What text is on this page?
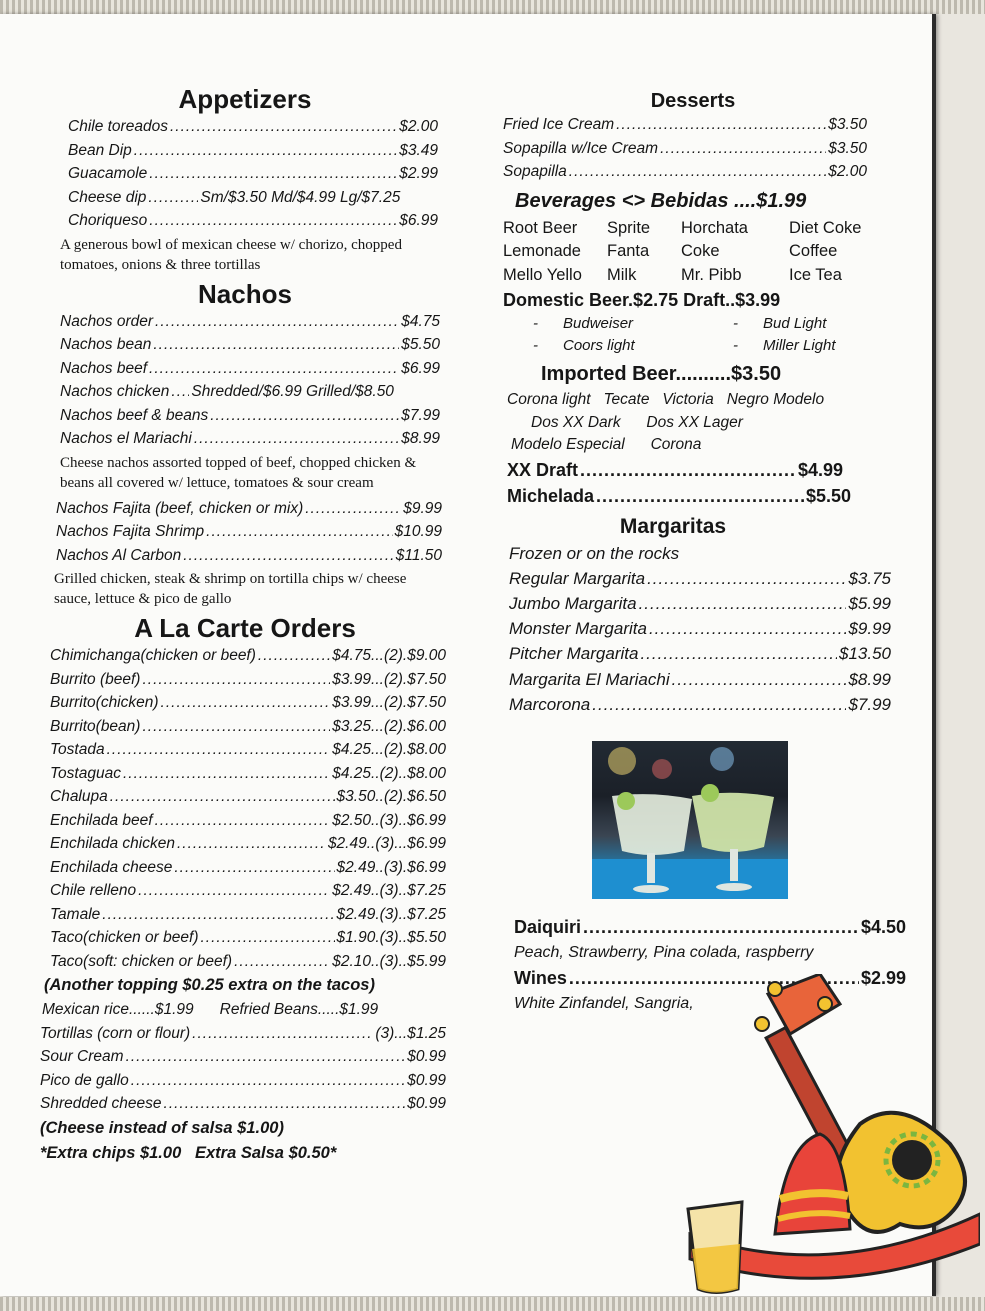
Appetizers
Chile toreados .....	$2.00
Bean Dip .....	$3.49
Guacamole .....	$2.99
Cheese dip .....	Sm/$3.50 Md/$4.99 Lg/$7.25
Choriqueso .....	$6.99
A generous bowl of mexican cheese w/ chorizo, chopped tomatoes, onions & three tortillas
Nachos
Nachos order .....	$4.75
Nachos bean .....	$5.50
Nachos beef .....	$6.99
Nachos chicken ..... Shredded/$6.99 Grilled/$8.50
Nachos beef & beans .....	$7.99
Nachos el Mariachi .....	$8.99
Cheese nachos assorted topped of beef, chopped chicken & beans all covered w/ lettuce, tomatoes & sour cream
Nachos Fajita (beef, chicken or mix) .....	$9.99
Nachos Fajita Shrimp .....	$10.99
Nachos Al Carbon .....	$11.50
Grilled chicken, steak & shrimp on tortilla chips w/ cheese sauce, lettuce & pico de gallo
A La Carte Orders
Chimichanga(chicken or beef) .....	$4.75...(2).$9.00
Burrito (beef) .....	$3.99...(2).$7.50
Burrito(chicken) .....	$3.99...(2).$7.50
Burrito(bean) .....	$3.25...(2).$6.00
Tostada .....	$4.25...(2).$8.00
Tostaguac .....	$4.25..(2)..$8.00
Chalupa .....	$3.50..(2).$6.50
Enchilada beef .....	$2.50..(3)..$6.99
Enchilada chicken .....	$2.49..(3)...$6.99
Enchilada cheese .....	$2.49..(3).$6.99
Chile relleno .....	$2.49..(3)..$7.25
Tamale .....	$2.49.(3)..$7.25
Taco(chicken or beef) .....	$1.90.(3)..$5.50
Taco(soft: chicken or beef) .....	$2.10..(3)..$5.99
(Another topping $0.25 extra on the tacos)
Mexican rice......$1.99 Refried Beans.....$1.99
Tortillas (corn or flour) .....	(3)...$1.25
Sour Cream .....	$0.99
Pico de gallo .....	$0.99
Shredded cheese .....	$0.99
(Cheese instead of salsa $1.00)
*Extra chips $1.00   Extra Salsa $0.50*
Desserts
Fried Ice Cream .....	$3.50
Sopapilla w/Ice Cream .....	$3.50
Sopapilla .....	$2.00
Beverages <> Bebidas ....$1.99
Root Beer	Sprite	Horchata	Diet Coke
Lemonade	Fanta	Coke	Coffee
Mello Yello	Milk	Mr. Pibb	Ice Tea
Domestic Beer.$2.75 Draft..$3.99
-	Budweiser	-	Bud Light
-	Coors light	-	Miller Light
Imported Beer..........$3.50
Corona light   Tecate   Victoria   Negro Modelo
Dos XX Dark      Dos XX Lager
Modelo Especial      Corona
XX Draft .....	$4.99
Michelada .....	$5.50
Margaritas
Frozen or on the rocks
Regular Margarita .....	$3.75
Jumbo Margarita .....	$5.99
Monster Margarita .....	$9.99
Pitcher Margarita .....	$13.50
Margarita El Mariachi .....	$8.99
Marcorona .....	$7.99
Daiquiri .....	$4.50
Peach, Strawberry, Pina colada, raspberry
Wines .....	$2.99
White Zinfandel, Sangria,
